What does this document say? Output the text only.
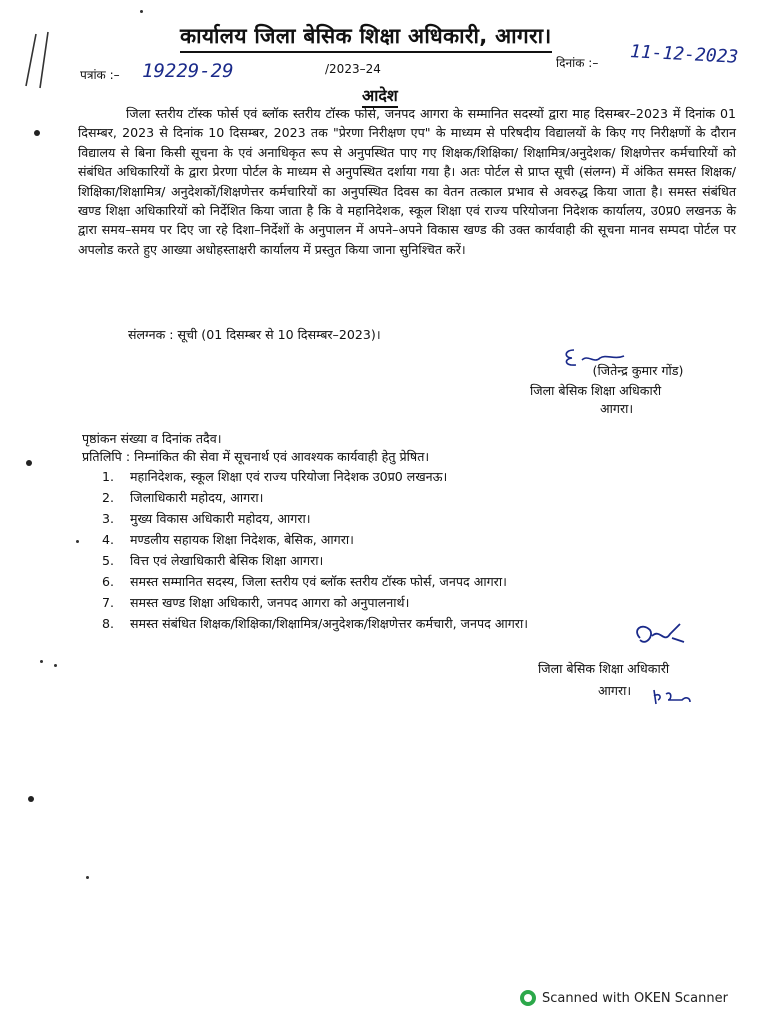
कार्यालय जिला बेसिक शिक्षा अधिकारी, आगरा।
पत्रांक :– 19229-29	/2023–24	दिनांक :– 11-12-2023
आदेश
जिला स्तरीय टॉस्क फोर्स एवं ब्लॉक स्तरीय टॉस्क फोर्स, जनपद आगरा के सम्मानित सदस्यों द्वारा माह दिसम्बर–2023 में दिनांक 01 दिसम्बर, 2023 से दिनांक 10 दिसम्बर, 2023 तक "प्रेरणा निरीक्षण एप" के माध्यम से परिषदीय विद्यालयों के किए गए निरीक्षणों के दौरान विद्यालय से बिना किसी सूचना के एवं अनाधिकृत रूप से अनुपस्थित पाए गए शिक्षक/शिक्षिका/ शिक्षामित्र/अनुदेशक/ शिक्षणेत्तर कर्मचारियों को संबंधित अधिकारियों के द्वारा प्रेरणा पोर्टल के माध्यम से अनुपस्थित दर्शाया गया है। अतः पोर्टल से प्राप्त सूची (संलग्न) में अंकित समस्त शिक्षक/शिक्षिका/शिक्षामित्र/ अनुदेशकों/शिक्षणेत्तर कर्मचारियों का अनुपस्थित दिवस का वेतन तत्काल प्रभाव से अवरुद्ध किया जाता है। समस्त संबंधित खण्ड शिक्षा अधिकारियों को निर्देशित किया जाता है कि वे महानिदेशक, स्कूल शिक्षा एवं राज्य परियोजना निदेशक कार्यालय, उ0प्र0 लखनऊ के द्वारा समय–समय पर दिए जा रहे दिशा–निर्देशों के अनुपालन में अपने–अपने विकास खण्ड की उक्त कार्यवाही की सूचना मानव सम्पदा पोर्टल पर अपलोड करते हुए आख्या अधोहस्ताक्षरी कार्यालय में प्रस्तुत किया जाना सुनिश्चित करें।
संलग्नक : सूची (01 दिसम्बर से 10 दिसम्बर–2023)।
(जितेन्द्र कुमार गोंड)
जिला बेसिक शिक्षा अधिकारी
आगरा।
पृष्ठांकन संख्या व दिनांक तदैव।
प्रतिलिपि : निम्नांकित की सेवा में सूचनार्थ एवं आवश्यक कार्यवाही हेतु प्रेषित।
1. महानिदेशक, स्कूल शिक्षा एवं राज्य परियोजा निदेशक उ0प्र0 लखनऊ।
2. जिलाधिकारी महोदय, आगरा।
3. मुख्य विकास अधिकारी महोदय, आगरा।
4. मण्डलीय सहायक शिक्षा निदेशक, बेसिक, आगरा।
5. वित्त एवं लेखाधिकारी बेसिक शिक्षा आगरा।
6. समस्त सम्मानित सदस्य, जिला स्तरीय एवं ब्लॉक स्तरीय टॉस्क फोर्स, जनपद आगरा।
7. समस्त खण्ड शिक्षा अधिकारी, जनपद आगरा को अनुपालनार्थ।
8. समस्त संबंधित शिक्षक/शिक्षिका/शिक्षामित्र/अनुदेशक/शिक्षणेत्तर कर्मचारी, जनपद आगरा।
जिला बेसिक शिक्षा अधिकारी
आगरा।
Scanned with OKEN Scanner
